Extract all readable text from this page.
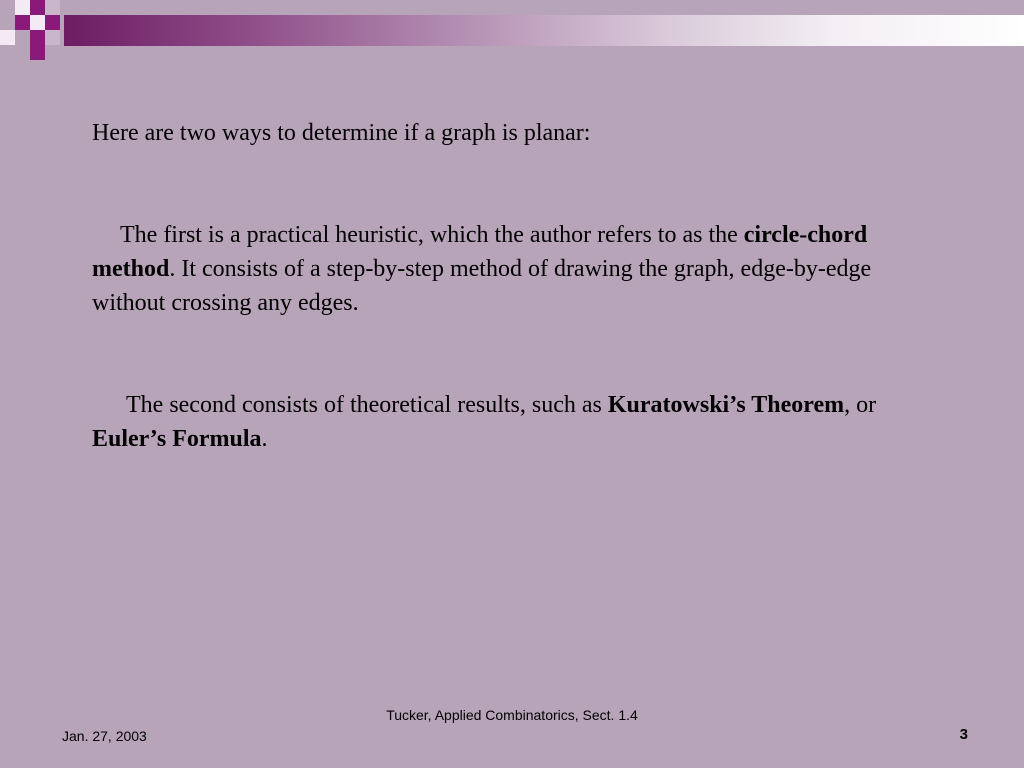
Here are two ways to determine if a graph is planar:

The first is a practical heuristic, which the author refers to as the circle-chord method. It consists of a step-by-step method of drawing the graph, edge-by-edge without crossing any edges.

The second consists of theoretical results, such as Kuratowski’s Theorem, or Euler’s Formula.

Jan. 27, 2003
Tucker, Applied Combinatorics, Sect. 1.4
3
